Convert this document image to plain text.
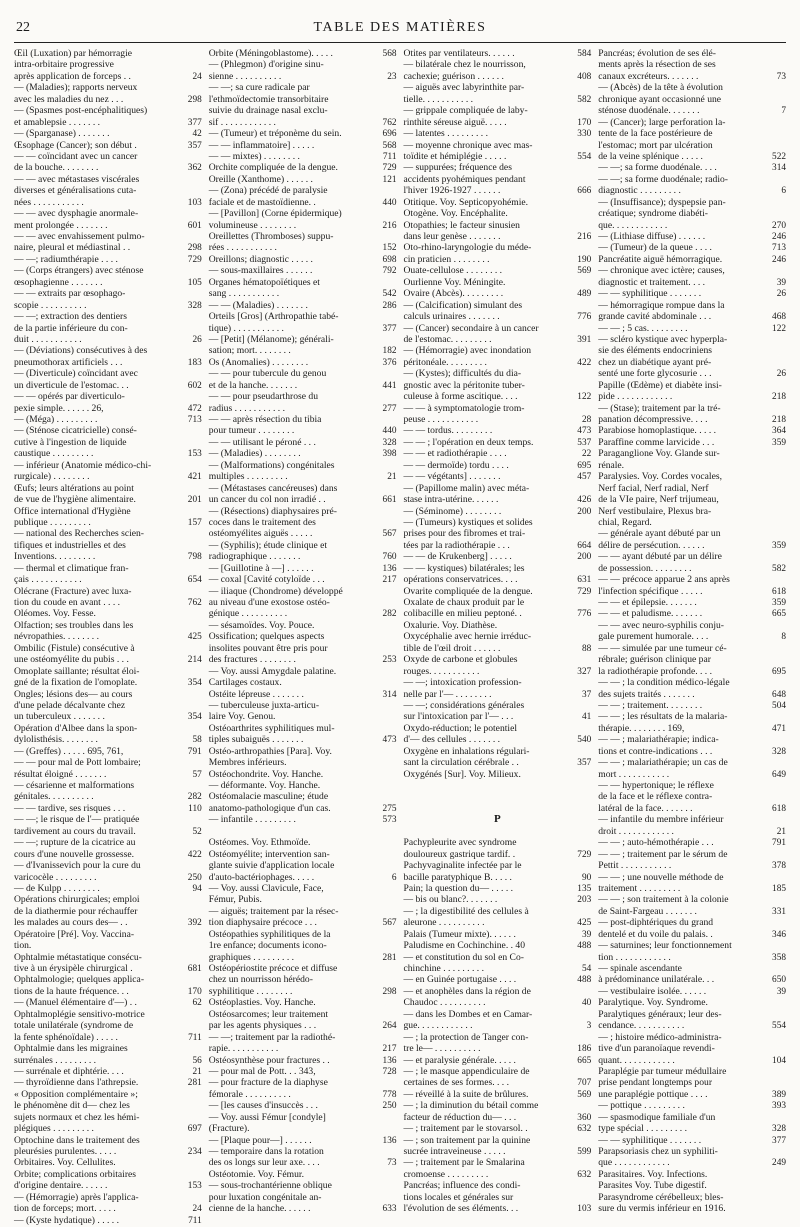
22	TABLE DES MATIÈRES
Œil (Luxation) par hémorragie
intra-orbitaire progressive
après application de forceps . .	24
— (Maladies); rapports nerveux
avec les maladies du nez . . .	298
— (Spasmes post-encéphalitiques)
et amablepsie . . . . . . .	377
— (Sparganase) . . . . . . .	42
Œsophage (Cancer); son début .	357
— — coïncidant avec un cancer
de la bouche. . . . . . . .	362
— — avec métastases viscérales
diverses et généralisations cuta-
nées . . . . . . . . . . .	103
— — avec dysphagie anormale-
ment prolongée . . . . . . .	601
— — avec envahissement pulmo-
naire, pleural et médiastinal . .	298
— —; radiumthérapie . . . .	729
— (Corps étrangers) avec sténose
œsophagienne . . . . . . .	105
— — extraits par œsophago-
scopie . . . . . . . . . .	328
— —; extraction des dentiers
de la partie inférieure du con-
duit . . . . . . . . . . .	26
— (Déviations) consécutives à des
pneumothorax artificiels . . .	183
— (Diverticule) coïncidant avec
un diverticule de l'estomac. . .	602
— — opérés par diverticulo-
pexie simple. . . . . . 26,	472
— (Méga) . . . . . . . . .	713
— (Sténose cicatricielle) consé-
cutive à l'ingestion de liquide
caustique . . . . . . . . .	153
— inférieur (Anatomie médico-chi-
rurgicale) . . . . . . . .	421
Œufs; leurs altérations au point
de vue de l'hygiène alimentaire.	201
Office international d'Hygiène
publique . . . . . . . . .	157
— national des Recherches scien-
tifiques et industrielles et des
Inventions. . . . . . . . .	798
— thermal et climatique fran-
çais . . . . . . . . . . .	654
Olécrane (Fracture) avec luxa-
tion du coude en avant . . . .	762
Oléomes. Voy. Fesse.
Olfaction; ses troubles dans les
névropathies. . . . . . . .	425
Ombilic (Fistule) consécutive à
une ostéomyélite du pubis . . .	214
Omoplate saillante; résultat éloi-
gné de la fixation de l'omoplate.	354
Ongles; lésions des— au cours
d'une pelade décalvante chez
un tuberculeux . . . . . . .	354
Opération d'Albee dans la spon-
dylolisthésis. . . . . . . .	58
— (Greffes) . . . . . 695, 761,	791
— — pour mal de Pott lombaire;
résultat éloigné . . . . . . .	57
— césarienne et malformations
génitales. . . . . . . . . .	282
— — tardive, ses risques . . .	110
— —; le risque de l'— pratiquée
tardivement au cours du travail.	52
— —; rupture de la cicatrice au
cours d'une nouvelle grossesse.	422
— d'Ivanissevich pour la cure du
varicocèle . . . . . . . . .	250
— de Kulpp . . . . . . . .	94
Opérations chirurgicales; emploi
de la diathermie pour réchauffer
les malades au cours des— . .	392
Opératoire [Pré]. Voy. Vaccina-
tion.
Ophtalmie métastatique consécu-
tive à un érysipèle chirurgical .	681
Ophtalmologie; quelques applica-
tions de la haute fréquence. . .	170
— (Manuel élémentaire d'—) . .	62
Ophtalmoplégie sensitivo-motrice
totale unilatérale (syndrome de
la fente sphénoïdale) . . . . .	711
Ophtalmie dans les migraines
surrénales . . . . . . . . .	56
— surrénale et diphtérie. . . .	21
— thyroïdienne dans l'athrepsie.	281
« Opposition complémentaire »;
le phénomène dit d— chez les
sujets normaux et chez les hémi-
plégiques . . . . . . . . .	697
Optochine dans le traitement des
pleurésies purulentes. . . . .	234
Orbitaires. Voy. Cellulites.
Orbite; complications orbitaires
d'origine dentaire. . . . . .	153
— (Hémorragie) après l'applica-
tion de forceps; mort. . . . .	24
— (Kyste hydatique) . . . . .	711
Orbite (Méningoblastome). . . . .	568
— (Phlegmon) d'origine sinu-
sienne . . . . . . . . . .	23
— —; sa cure radicale par
l'ethmoïdectomie transorbitaire
suivie du drainage nasal exclu-
sif . . . . . . . . . . . .	762
— (Tumeur) et tréponème du sein.	696
— — inflammatoire] . . . . .	568
— — mixtes) . . . . . . . .	711
Orchite compliquée de la dengue.	729
Oreille (Xanthome) . . . . . .	121
— (Zona) précédé de paralysie
faciale et de mastoïdienne. .	440
— [Pavillon] (Corne épidermique)
volumineuse . . . . . . . .	216
Oreillettes (Thromboses) suppu-
rées . . . . . . . . . . .	152
Oreillons; diagnostic . . . . .	698
— sous-maxillaires . . . . . .	792
Organes hématopoïétiques et
sang . . . . . . . . . . .	542
— — (Maladies) . . . . . . .	286
Orteils [Gros] (Arthropathie tabé-
tique) . . . . . . . . . . .	377
— [Petit] (Mélanome); générali-
sation; mort. . . . . . . .	182
Os (Anomalies) . . . . . . . .	376
— — pour tubercule du genou
et de la hanche. . . . . . .	441
— — pour pseudarthrose du
radius . . . . . . . . . . .	277
— — après résection du tibia
pour tumeur . . . . . . . .	440
— — utilisant le péroné . . .	328
— (Maladies) . . . . . . . .	398
— (Malformations) congénitales
multiples . . . . . . . . .	21
— (Métastases cancéreuses) dans
un cancer du col non irradié . .	661
— (Résections) diaphysaires pré-
coces dans le traitement des
ostéomyélites aiguës . . . . .	567
— (Syphilis); étude clinique et
radiographique . . . . . . .	760
— [Guillotine à —] . . . . . .	136
— coxal [Cavité cotyloïde . . .	217
— iliaque (Chondrome) développé
au niveau d'une exostose ostéo-
génique . . . . . . . . . .	282
— sésamoïdes. Voy. Pouce.
Ossification; quelques aspects
insolites pouvant être pris pour
des fractures . . . . . . . .	253
— Voy. aussi Amygdale palatine.
Cartilages costaux.
Ostéite lépreuse . . . . . . .	314
— tuberculeuse juxta-articu-
laire Voy. Genou.
Ostéoarthrites syphilitiques mul-
tiples subaiguës . . . . . . .	473
Ostéo-arthropathies [Para]. Voy.
Membres inférieurs.
Ostéochondrite. Voy. Hanche.
— déformante. Voy. Hanche.
Ostéomalacie masculine; étude
anatomo-pathologique d'un cas.	275
— infantile . . . . . . . . .	573
Ostéomes. Voy. Ethmoïde.
Ostéomyélite; intervention san-
glante suivie d'application locale
d'auto-bactériophages. . . . .	6
— Voy. aussi Clavicule, Face,
Fémur, Pubis.
— aiguës; traitement par la résec-
tion diaphysaire précoce . . .	567
Ostéopathies syphilitiques de la
1re enfance; documents icono-
graphiques . . . . . . . . .	281
Ostéopériostite précoce et diffuse
chez un nourrisson hérédo-
syphilitique . . . . . . . .	298
Ostéoplasties. Voy. Hanche.
Ostéosarcomes; leur traitement
par les agents physiques . . .	264
— —; traitement par la radiothé-
rapie. . . . . . . . . . .	217
Ostéosynthèse pour fractures . .	136
— pour mal de Pott. . . 343,	728
— pour fracture de la diaphyse
fémorale . . . . . . . . . .	778
— [les causes d'insuccès . . .	250
— Voy. aussi Fémur [condyle]
(Fracture).
— [Plaque pour—] . . . . . .	136
— temporaire dans la rotation
des os longs sur leur axe. . . .	73
Ostéotomie. Voy. Fémur.
— sous-trochantérienne oblique
pour luxation congénitale an-
cienne de la hanche. . . . . .	633
Otites par ventilateurs. . . . . .	584
— bilatérale chez le nourrisson,
cachexie; guérison . . . . . .	408
— aiguës avec labyrinthite par-
tielle. . . . . . . . . . .	582
— grippale compliquée de laby-
rinthite séreuse aiguë. . . . .	170
— latentes . . . . . . . . .	330
— moyenne chronique avec mas-
toïdite et hémiplégie . . . . .	554
— suppurées; fréquence des
accidents pyohémiques pendant
l'hiver 1926-1927 . . . . . .	666
Otitique. Voy. Septicopyohémie.
Otogène. Voy. Encéphalite.
Otopathies; le facteur sinusien
dans leur genèse . . . . . . .	216
Oto-rhino-laryngologie du méde-
cin praticien . . . . . . . .	190
Ouate-cellulose . . . . . . . .	569
Ourlienne Voy. Méningite.
Ovaire (Abcès). . . . . . . . .	489
— (Calcification) simulant des
calculs urinaires . . . . . . .	776
— (Cancer) secondaire à un cancer
de l'estomac. . . . . . . . .	391
— (Hémorragie) avec inondation
péritonéale. . . . . . . . .	422
— (Kystes); difficultés du dia-
gnostic avec la péritonite tuber-
culeuse à forme ascitique. . . .	122
— — à symptomatologie trom-
peuse . . . . . . . . . . .	28
— — tordus. . . . . . . . .	473
— — ; l'opération en deux temps.	537
— — et radiothérapie . . . .	22
— — dermoïde) tordu . . . .	695
— — végétants] . . . . . . .	457
— (Papillome malin) avec méta-
stase intra-utérine. . . . . .	426
— (Séminome) . . . . . . . .	200
— (Tumeurs) kystiques et solides
prises pour des fibromes et trai-
tées par la radiothérapie . . .	664
— — de Krukenberg] . . . . .	200
— — kystiques) bilatérales; les
opérations conservatrices. . . .	631
Ovarite compliquée de la dengue.	729
Oxalate de chaux produit par le
colibacille en milieu peptoné. .	776
Oxalurie. Voy. Diathèse.
Oxycéphalie avec hernie irréduc-
tible de l'œil droit . . . . . .	88
Oxyde de carbone et globules
rouges. . . . . . . . . . .	327
— —; intoxication profession-
nelle par l'— . . . . . . . .	37
— —; considérations générales
sur l'intoxication par l'— . . .	41
Oxydo-réduction; le potentiel
d'— des cellules . . . . . . .	540
Oxygène en inhalations régulari-
sant la circulation cérébrale . .	357
Oxygénés [Sur]. Voy. Milieux.
P
Pachypleurite avec syndrome
douloureux gastrique tardif. .	729
Pachyvaginalite infectée par le
bacille paratyphique B. . . . .	90
Pain; la question du— . . . . .	135
— bis ou blanc?. . . . . . .	203
— ; la digestibilité des cellules à
aleurone . . . . . . . . . .	425
Palais (Tumeur mixte). . . . . .	39
Paludisme en Cochinchine. . 40	488
— et constitution du sol en Co-
chinchine . . . . . . . . .	54
— en Guinée portugaise . . . .	488
— et anophèles dans la région de
Chaudoc . . . . . . . . . .	40
— dans les Dombes et en Camar-
gue. . . . . . . . . . . .	3
— ; la protection de Tanger con-
tre le— . . . . . . . . . .	186
— et paralysie générale. . . . .	665
— ; le masque appendiculaire de
certaines de ses formes. . . .	707
— réveillé à la suite de brûlures.	569
— ; la diminution du bétail comme
facteur de réduction du— . . .	360
— ; traitement par le stovarsol. .	632
— ; son traitement par la quinine
sucrée intraveineuse . . . . .	599
— ; traitement par le Smalarina
cromoense . . . . . . . . .	632
Pancréas; influence des condi-
tions locales et générales sur
l'évolution de ses éléments. . .	103
Pancréas; évolution de ses élé-
ments après la résection de ses
canaux excréteurs. . . . . . .	73
— (Abcès) de la tête à évolution
chronique ayant occasionné une
sténose duodénale. . . . . . .	7
— (Cancer); large perforation la-
tente de la face postérieure de
l'estomac; mort par ulcération
de la veine splénique . . . . .	522
— —; sa forme duodénale. . . .	314
— —; sa forme duodénale; radio-
diagnostic . . . . . . . . .	6
— (Insuffisance); dyspepsie pan-
créatique; syndrome diabéti-
que. . . . . . . . . . . .	270
— (Lithiase diffuse) . . . . . .	246
— (Tumeur) de la queue . . . .	713
Pancréatite aiguë hémorragique.	246
— chronique avec ictère; causes,
diagnostic et traitement. . . .	39
— — syphilitique . . . . . . .	26
— hémorragique rompue dans la
grande cavité abdominale . . .	468
— — ; 5 cas. . . . . . . . .	122
— scléro kystique avec hyperpla-
sie des éléments endocriniens
chez un diabétique ayant pré-
senté une forte glycosurie . . .	26
Papille (Œdème) et diabète insi-
pide . . . . . . . . . . . .	218
— (Stase); traitement par la tré-
panation décompressive. . . .	218
Parabiose homoplastique. . . . .	364
Paraffine comme larvicide . . .	359
Paraganglione Voy. Glande sur-
rénale.
Paralysies. Voy. Cordes vocales,
Nerf facial, Nerf radial, Nerf
de la VIe paire, Nerf trijumeau,
Nerf vestibulaire, Plexus bra-
chial, Regard.
— générale ayant débuté par un
délire de persécution. . . . . .	359
— — ayant débuté par un délire
de possession. . . . . . . . .	582
— — précoce apparue 2 ans après
l'infection spécifique . . . . .	618
— — et épilepsie. . . . . . .	359
— — et paludisme. . . . . . .	665
— — avec neuro-syphilis conju-
gale purement humorale. . . .	8
— — simulée par une tumeur cé-
rébrale; guérison clinique par
la radiothérapie profonde. . . .	695
— — ; la condition médico-légale
des sujets traités . . . . . . .	648
— — ; traitement. . . . . . . .	504
— — ; les résultats de la malaria-
thérapie. . . . . . . . 169,	471
— — ; malariathérapie; indica-
tions et contre-indications . . .	328
— — ; malariathérapie; un cas de
mort . . . . . . . . . . .	649
— — hypertonique; le réflexe
de la face et le réflexe contra-
latéral de la face. . . . . . .	618
— infantile du membre inférieur
droit . . . . . . . . . . . .	21
— — ; auto-hémothérapie . . .	791
— — ; traitement par le sérum de
Pettit . . . . . . . . . . .	378
— — ; une nouvelle méthode de
traitement . . . . . . . . .	185
— — ; son traitement à la colonie
de Saint-Fargeau . . . . . . .	331
— post-diphtériques du grand
dentelé et du voile du palais. .	346
— saturnines; leur fonctionnement
tion . . . . . . . . . . . .	358
— spinale ascendante
à prédominance unilatérale. . .	650
— vestibulaire isolée. . . . . .	39
Paralytique. Voy. Syndrome.
Paralytiques généraux; leur des-
cendance. . . . . . . . . . .	554
— ; histoire médico-administra-
tive d'un paranoïaque revendi-
quant. . . . . . . . . . . .	104
Paraplégie par tumeur médullaire
prise pendant longtemps pour
une paraplégie pottique . . . .	389
— pottique . . . . . . . . .	393
— spasmodique familiale d'un
type spécial . . . . . . . . .	328
— — syphilitique . . . . . . .	377
Parapsoriasis chez un syphiliti-
que . . . . . . . . . . . .	249
Parasitaires. Voy. Infections.
Parasites Voy. Tube digestif.
Parasyndrome cérébelleux; bles-
sure du vermis inférieur en 1916.
